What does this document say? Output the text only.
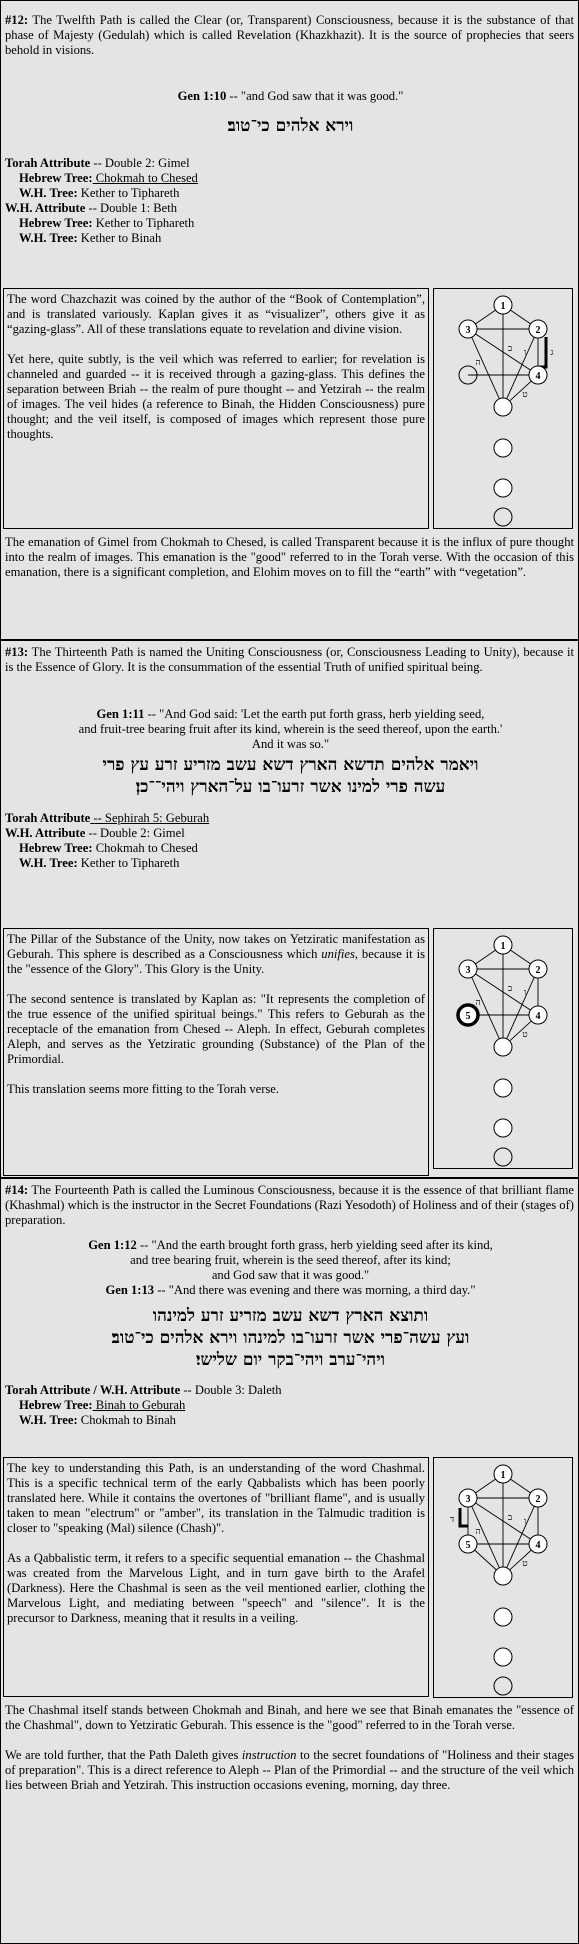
#12: The Twelfth Path is called the Clear (or, Transparent) Consciousness, because it is the substance of that phase of Majesty (Gedulah) which is called Revelation (Khazkhazit). It is the source of prophecies that seers behold in visions.
Gen 1:10 -- "and God saw that it was good."
וירא אלהים כי־טוב׃
Torah Attribute -- Double 2: Gimel
Hebrew Tree: Chokmah to Chesed
W.H. Tree: Kether to Tiphareth
W.H. Attribute -- Double 1: Beth
Hebrew Tree: Kether to Tiphareth
W.H. Tree: Kether to Binah

The word Chazchazit was coined by the author of the “Book of Contemplation”, and is translated variously. Kaplan gives it as “visualizer”, others give it as “gazing-glass”. All of these translations equate to revelation and divine vision.

Yet here, quite subtly, is the veil which was referred to earlier; for revelation is channeled and guarded -- it is received through a gazing-glass. This defines the separation between Briah -- the realm of pure thought -- and Yetzirah -- the realm of images. The veil hides (a reference to Binah, the Hidden Consciousness) pure thought; and the veil itself, is composed of images which represent those pure thoughts.

1
3	2
4
ג
ב
ה
ו
ט
The emanation of Gimel from Chokmah to Chesed, is called Transparent because it is the influx of pure thought into the realm of images. This emanation is the "good" referred to in the Torah verse. With the occasion of this emanation, there is a significant completion, and Elohim moves on to fill the “earth” with “vegetation”.
#13: The Thirteenth Path is named the Uniting Consciousness (or, Consciousness Leading to Unity), because it is the Essence of Glory. It is the consummation of the essential Truth of unified spiritual being.
Gen 1:11 -- "And God said: 'Let the earth put forth grass, herb yielding seed,
and fruit-tree bearing fruit after its kind, wherein is the seed thereof, upon the earth.'
And it was so."
ויאמר אלהים תדשא הארץ דשא עשב מזריע זרע עץ פרי
עשה פרי למינו אשר זרעו־בו על־הארץ ויהי־־כן׃
Torah Attribute -- Sephirah 5: Geburah
W.H. Attribute -- Double 2: Gimel
Hebrew Tree: Chokmah to Chesed
W.H. Tree: Kether to Tiphareth

The Pillar of the Substance of the Unity, now takes on Yetziratic manifestation as Geburah. This sphere is described as a Consciousness which unifies, because it is the "essence of the Glory". This Glory is the Unity.

The second sentence is translated by Kaplan as: "It represents the completion of the true essence of the unified spiritual beings." This refers to Geburah as the receptacle of the emanation from Chesed -- Aleph. In effect, Geburah completes Aleph, and serves as the Yetziratic grounding (Substance) of the Plan of the Primordial.

This translation seems more fitting to the Torah verse.

1
3	2
4
5
ב
ה
ו
ט
#14: The Fourteenth Path is called the Luminous Consciousness, because it is the essence of that brilliant flame (Khashmal) which is the instructor in the Secret Foundations (Razi Yesodoth) of Holiness and of their (stages of) preparation.
Gen 1:12 -- "And the earth brought forth grass, herb yielding seed after its kind,
and tree bearing fruit, wherein is the seed thereof, after its kind;
and God saw that it was good."
Gen 1:13 -- "And there was evening and there was morning, a third day."
ותוצא הארץ דשא עשב מזריע זרע למינהו
ועץ עשה־פרי אשר זרעו־בו למינהו וירא אלהים כי־טוב׃
ויהי־ערב ויהי־בקר יום שלישי׃
Torah Attribute / W.H. Attribute -- Double 3: Daleth
Hebrew Tree: Binah to Geburah
W.H. Tree: Chokmah to Binah

The key to understanding this Path, is an understanding of the word Chashmal. This is a specific technical term of the early Qabbalists which has been poorly translated here. While it contains the overtones of "brilliant flame", and is usually taken to mean "electrum" or "amber", its translation in the Talmudic tradition is closer to "speaking (Mal) silence (Chash)".

As a Qabbalistic term, it refers to a specific sequential emanation -- the Chashmal was created from the Marvelous Light, and in turn gave birth to the Arafel (Darkness). Here the Chashmal is seen as the veil mentioned earlier, clothing the Marvelous Light, and mediating between "speech" and "silence". It is the precursor to Darkness, meaning that it results in a veiling.

1
3	2
4
5
ד	ב
ה
ו
ט

The Chashmal itself stands between Chokmah and Binah, and here we see that Binah emanates the "essence of the Chashmal", down to Yetziratic Geburah. This essence is the "good" referred to in the Torah verse.

We are told further, that the Path Daleth gives instruction to the secret foundations of "Holiness and their stages of preparation". This is a direct reference to Aleph -- Plan of the Primordial -- and the structure of the veil which lies between Briah and Yetzirah. This instruction occasions evening, morning, day three.
